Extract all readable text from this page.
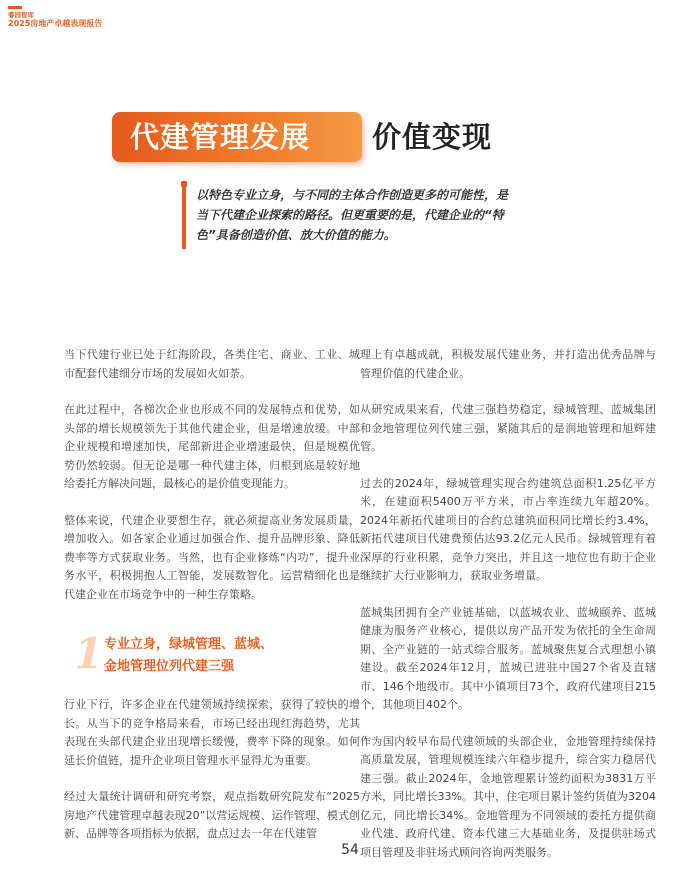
睿园智库
2025房地产卓越表现报告
代建管理发展 价值变现
以特色专业立身，与不同的主体合作创造更多的可能性，是当下代建企业探索的路径。但更重要的是，代建企业的“特色”具备创造价值、放大价值的能力。

当下代建行业已处于红海阶段，各类住宅、商业、工业、城市配套代建细分市场的发展如火如荼。

在此过程中，各梯次企业也形成不同的发展特点和优势，如头部的增长规模领先于其他代建企业，但是增速放缓。中部企业规模和增速加快，尾部新进企业增速最快，但是规模优势仍然较弱。但无论是哪一种代建主体，归根到底是较好地给委托方解决问题，最核心的是价值变现能力。

整体来说，代建企业要想生存，就必须提高业务发展质量，增加收入。如各家企业通过加强合作、提升品牌形象、降低费率等方式获取业务。当然，也有企业修炼“内功”，提升业务水平，积极拥抱人工智能，发展数智化。运营精细化也是代建企业在市场竞争中的一种生存策略。

1 专业立身，绿城管理、蓝城、
金地管理位列代建三强

行业下行，许多企业在代建领域持续探索，获得了较快的增长。从当下的竞争格局来看，市场已经出现红海趋势，尤其表现在头部代建企业出现增长缓慢，费率下降的现象。如何延长价值链，提升企业项目管理水平显得尤为重要。

经过大量统计调研和研究考察，观点指数研究院发布“2025房地产代建管理卓越表现20”以营运规模、运作管理、模式创新、品牌等各项指标为依据，盘点过去一年在代建管

理上有卓越成就，积极发展代建业务，并打造出优秀品牌与管理价值的代建企业。

从研究成果来看，代建三强趋势稳定，绿城管理、蓝城集团和金地管理位列代建三强，紧随其后的是润地管理和旭辉建管。

过去的2024年，绿城管理实现合约建筑总面积1.25亿平方米，在建面积5400万平方米，市占率连续九年超20%。2024年新拓代建项目的合约总建筑面积同比增长约3.4%，新拓代建项目代建费预估达93.2亿元人民币。绿城管理有着深厚的行业积累，竞争力突出，并且这一地位也有助于企业继续扩大行业影响力，获取业务增量。

蓝城集团拥有全产业链基础，以蓝城农业、蓝城颐养、蓝城健康为服务产业核心，提供以房产品开发为依托的全生命周期、全产业链的一站式综合服务。蓝城聚焦复合式理想小镇建设。截至2024年12月，蓝城已进驻中国27个省及直辖市、146个地级市。其中小镇项目73个，政府代建项目215个，其他项目402个。

作为国内较早布局代建领域的头部企业，金地管理持续保持高质量发展，管理规模连续六年稳步提升，综合实力稳居代建三强。截止2024年，金地管理累计签约面积为3831万平方米，同比增长33%。其中，住宅项目累计签约货值为3204亿元，同比增长34%。金地管理为不同领域的委托方提供商业代建、政府代建、资本代建三大基础业务，及提供驻场式项目管理及非驻场式顾问咨询两类服务。

54
